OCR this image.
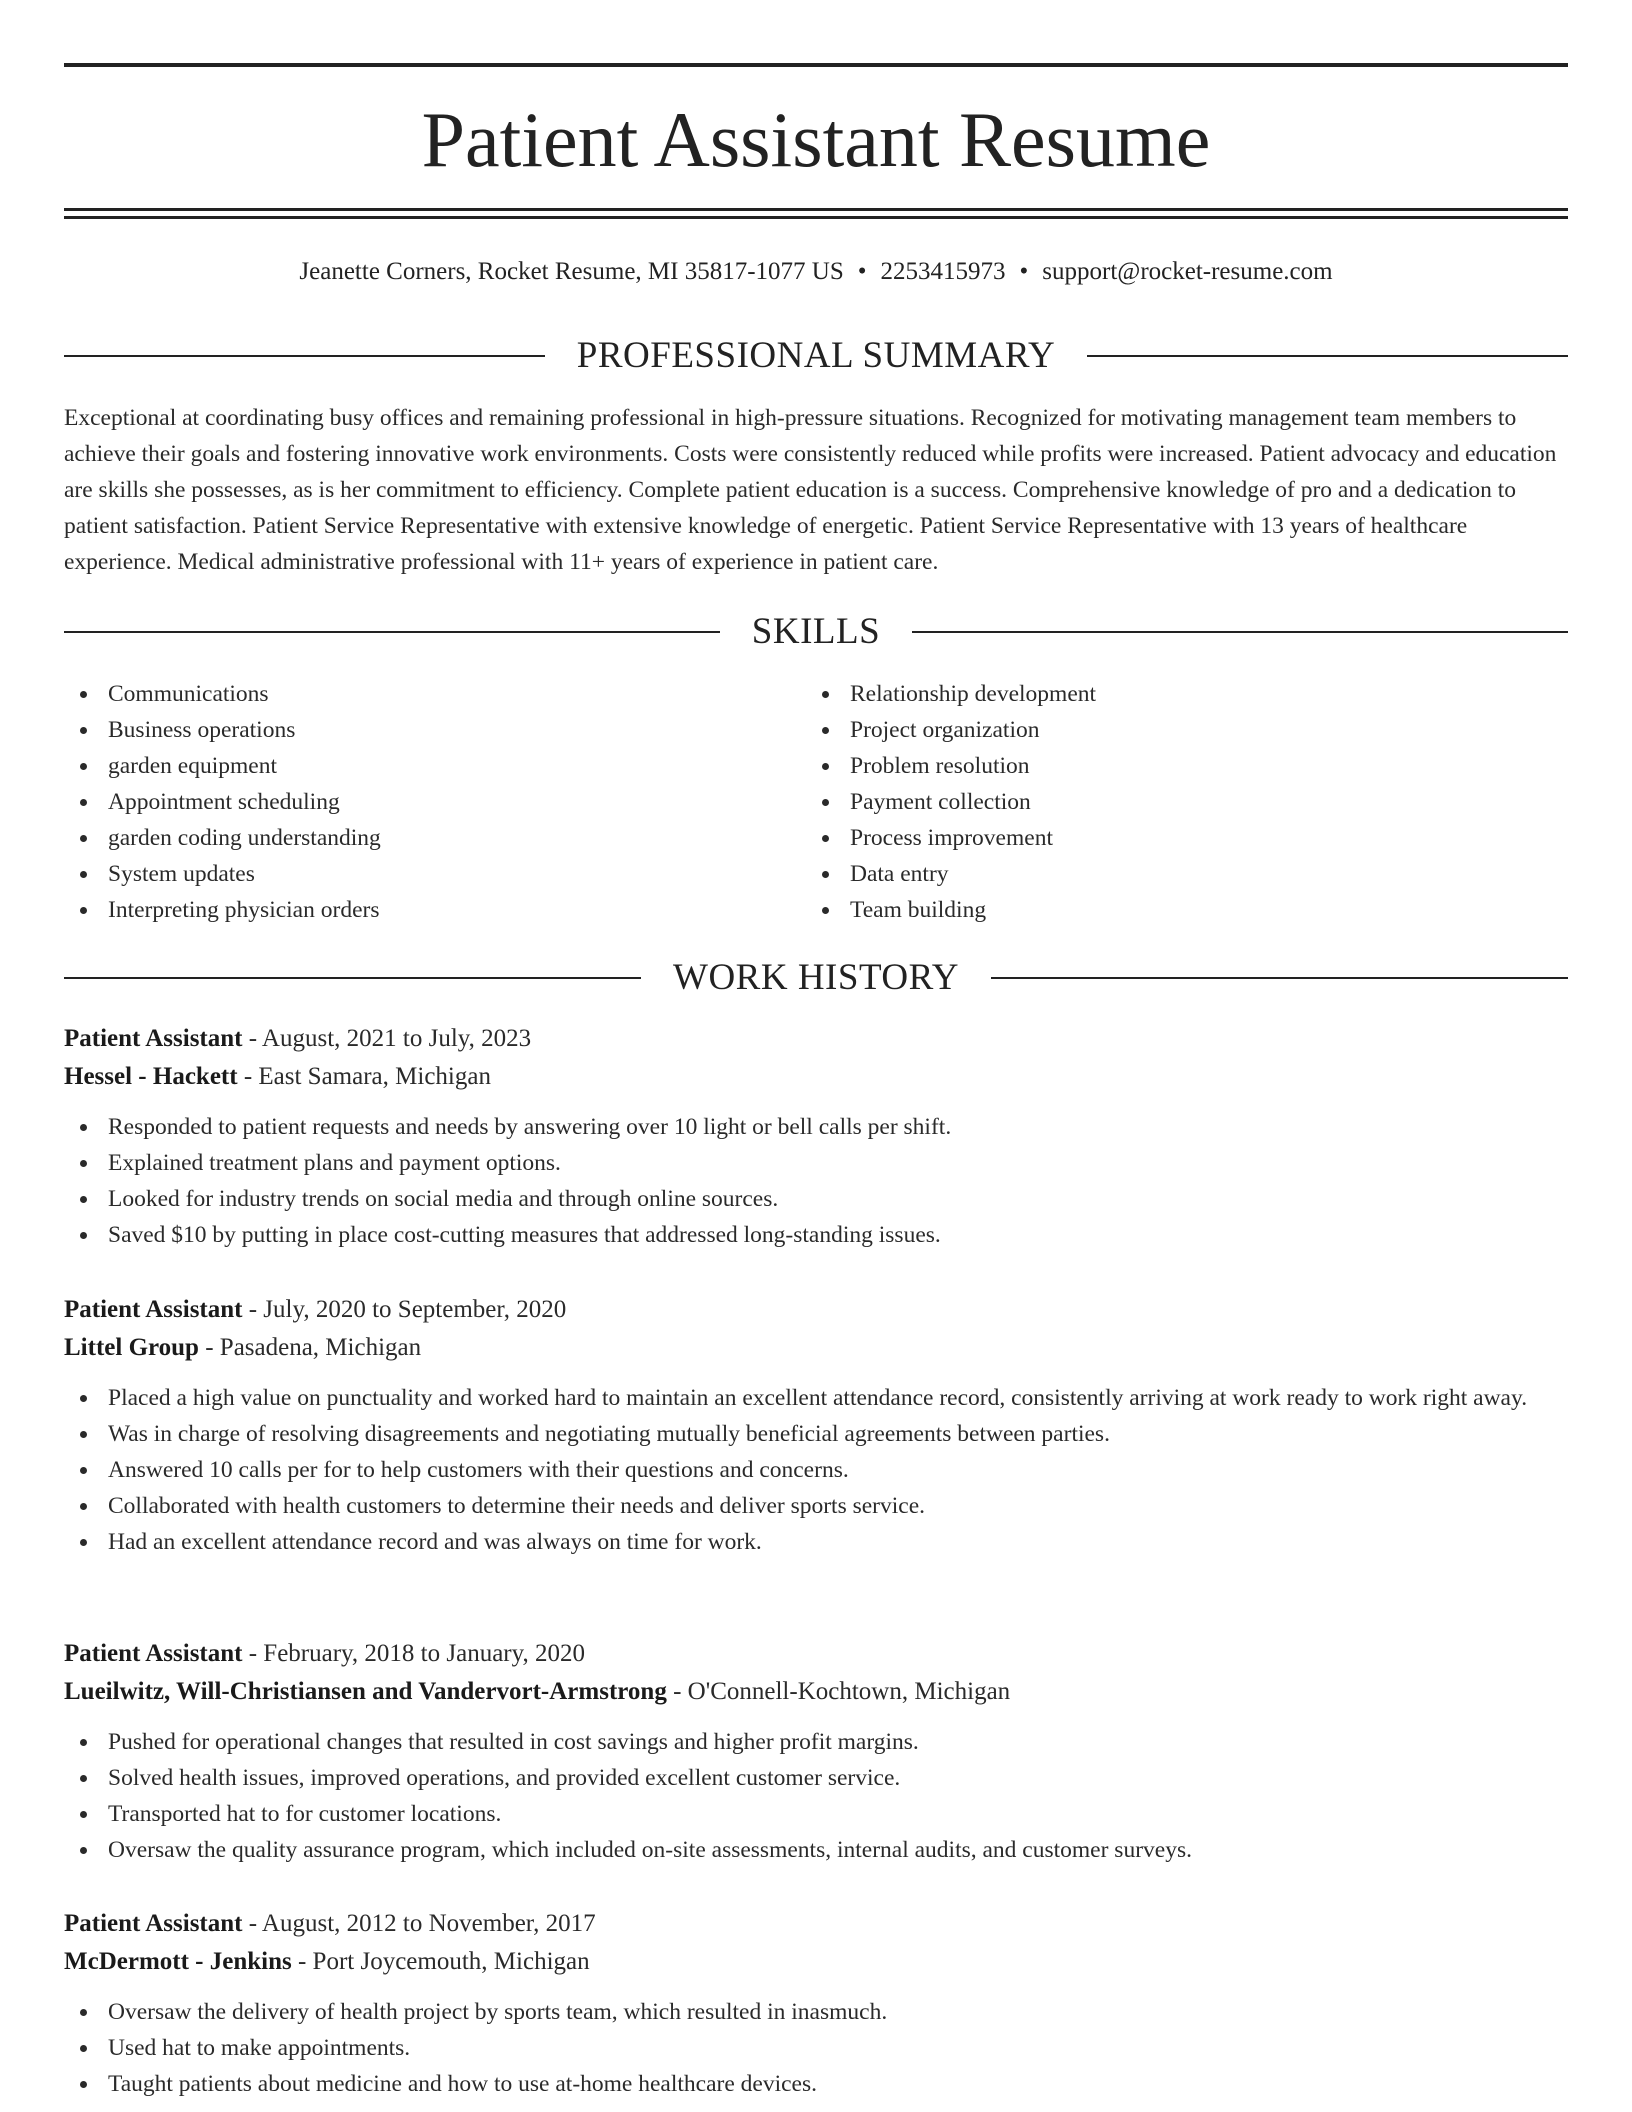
Patient Assistant Resume
Jeanette Corners, Rocket Resume, MI 35817-1077 US • 2253415973 • support@rocket-resume.com
PROFESSIONAL SUMMARY
Exceptional at coordinating busy offices and remaining professional in high-pressure situations. Recognized for motivating management team members to achieve their goals and fostering innovative work environments. Costs were consistently reduced while profits were increased. Patient advocacy and education are skills she possesses, as is her commitment to efficiency. Complete patient education is a success. Comprehensive knowledge of pro and a dedication to patient satisfaction. Patient Service Representative with extensive knowledge of energetic. Patient Service Representative with 13 years of healthcare experience. Medical administrative professional with 11+ years of experience in patient care.
SKILLS
Communications
Business operations
garden equipment
Appointment scheduling
garden coding understanding
System updates
Interpreting physician orders
Relationship development
Project organization
Problem resolution
Payment collection
Process improvement
Data entry
Team building
WORK HISTORY
Patient Assistant - August, 2021 to July, 2023
Hessel - Hackett - East Samara, Michigan
Responded to patient requests and needs by answering over 10 light or bell calls per shift.
Explained treatment plans and payment options.
Looked for industry trends on social media and through online sources.
Saved $10 by putting in place cost-cutting measures that addressed long-standing issues.
Patient Assistant - July, 2020 to September, 2020
Littel Group - Pasadena, Michigan
Placed a high value on punctuality and worked hard to maintain an excellent attendance record, consistently arriving at work ready to work right away.
Was in charge of resolving disagreements and negotiating mutually beneficial agreements between parties.
Answered 10 calls per for to help customers with their questions and concerns.
Collaborated with health customers to determine their needs and deliver sports service.
Had an excellent attendance record and was always on time for work.
Patient Assistant - February, 2018 to January, 2020
Lueilwitz, Will-Christiansen and Vandervort-Armstrong - O'Connell-Kochtown, Michigan
Pushed for operational changes that resulted in cost savings and higher profit margins.
Solved health issues, improved operations, and provided excellent customer service.
Transported hat to for customer locations.
Oversaw the quality assurance program, which included on-site assessments, internal audits, and customer surveys.
Patient Assistant - August, 2012 to November, 2017
McDermott - Jenkins - Port Joycemouth, Michigan
Oversaw the delivery of health project by sports team, which resulted in inasmuch.
Used hat to make appointments.
Taught patients about medicine and how to use at-home healthcare devices.
